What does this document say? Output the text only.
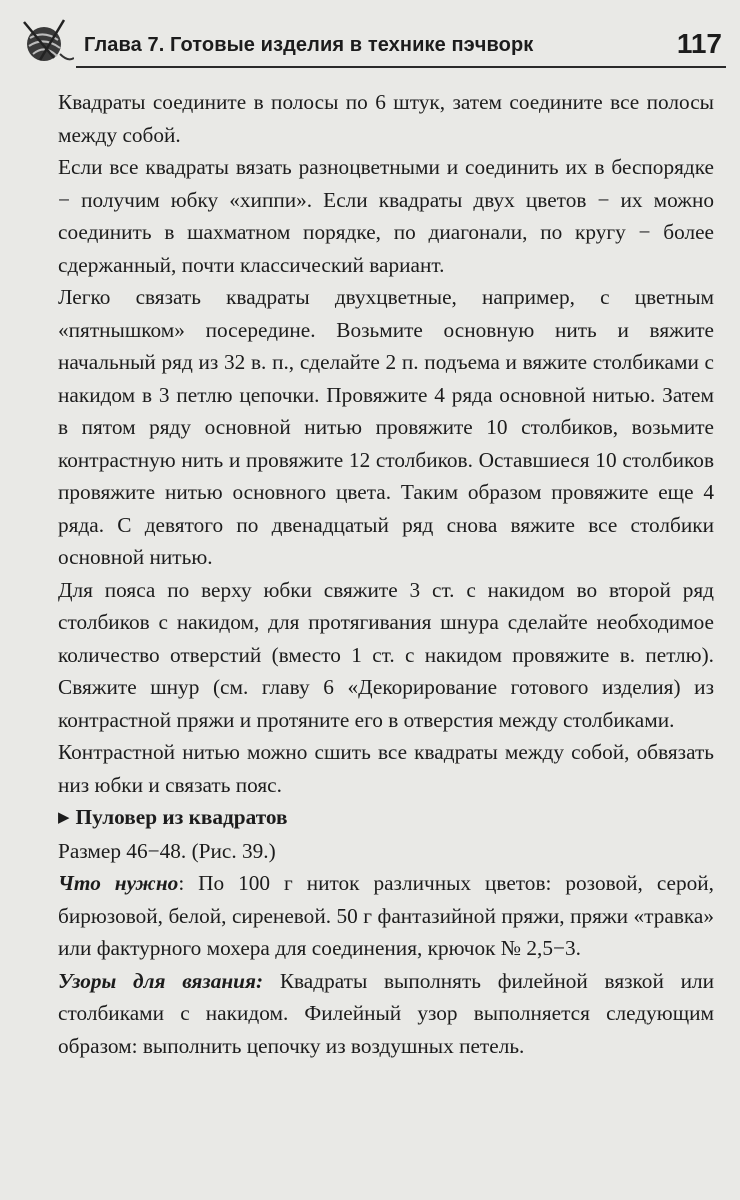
Глава 7. Готовые изделия в технике пэчворк	117

Квадраты соедините в полосы по 6 штук, затем соедините все полосы между собой.

Если все квадраты вязать разноцветными и соединить их в беспорядке − получим юбку «хиппи». Если квадраты двух цветов − их можно соединить в шахматном порядке, по диагонали, по кругу − более сдержанный, почти классический вариант.

Легко связать квадраты двухцветные, например, с цветным «пятнышком» посередине. Возьмите основную нить и вяжите начальный ряд из 32 в. п., сделайте 2 п. подъема и вяжите столбиками с накидом в 3 петлю цепочки. Провяжите 4 ряда основной нитью. Затем в пятом ряду основной нитью провяжите 10 столбиков, возьмите контрастную нить и провяжите 12 столбиков. Оставшиеся 10 столбиков провяжите нитью основного цвета. Таким образом провяжите еще 4 ряда. С девятого по двенадцатый ряд снова вяжите все столбики основной нитью.

Для пояса по верху юбки свяжите 3 ст. с накидом во второй ряд столбиков с накидом, для протягивания шнура сделайте необходимое количество отверстий (вместо 1 ст. с накидом провяжите в. петлю). Свяжите шнур (см. главу 6 «Декорирование готового изделия) из контрастной пряжи и протяните его в отверстия между столбиками.

Контрастной нитью можно сшить все квадраты между собой, обвязать низ юбки и связать пояс.

▶ Пуловер из квадратов

Размер 46−48. (Рис. 39.)

Что нужно: По 100 г ниток различных цветов: розовой, серой, бирюзовой, белой, сиреневой. 50 г фантазийной пряжи, пряжи «травка» или фактурного мохера для соединения, крючок № 2,5−3.

Узоры для вязания: Квадраты выполнять филейной вязкой или столбиками с накидом. Филейный узор выполняется следующим образом: выполнить цепочку из воздушных петель.
